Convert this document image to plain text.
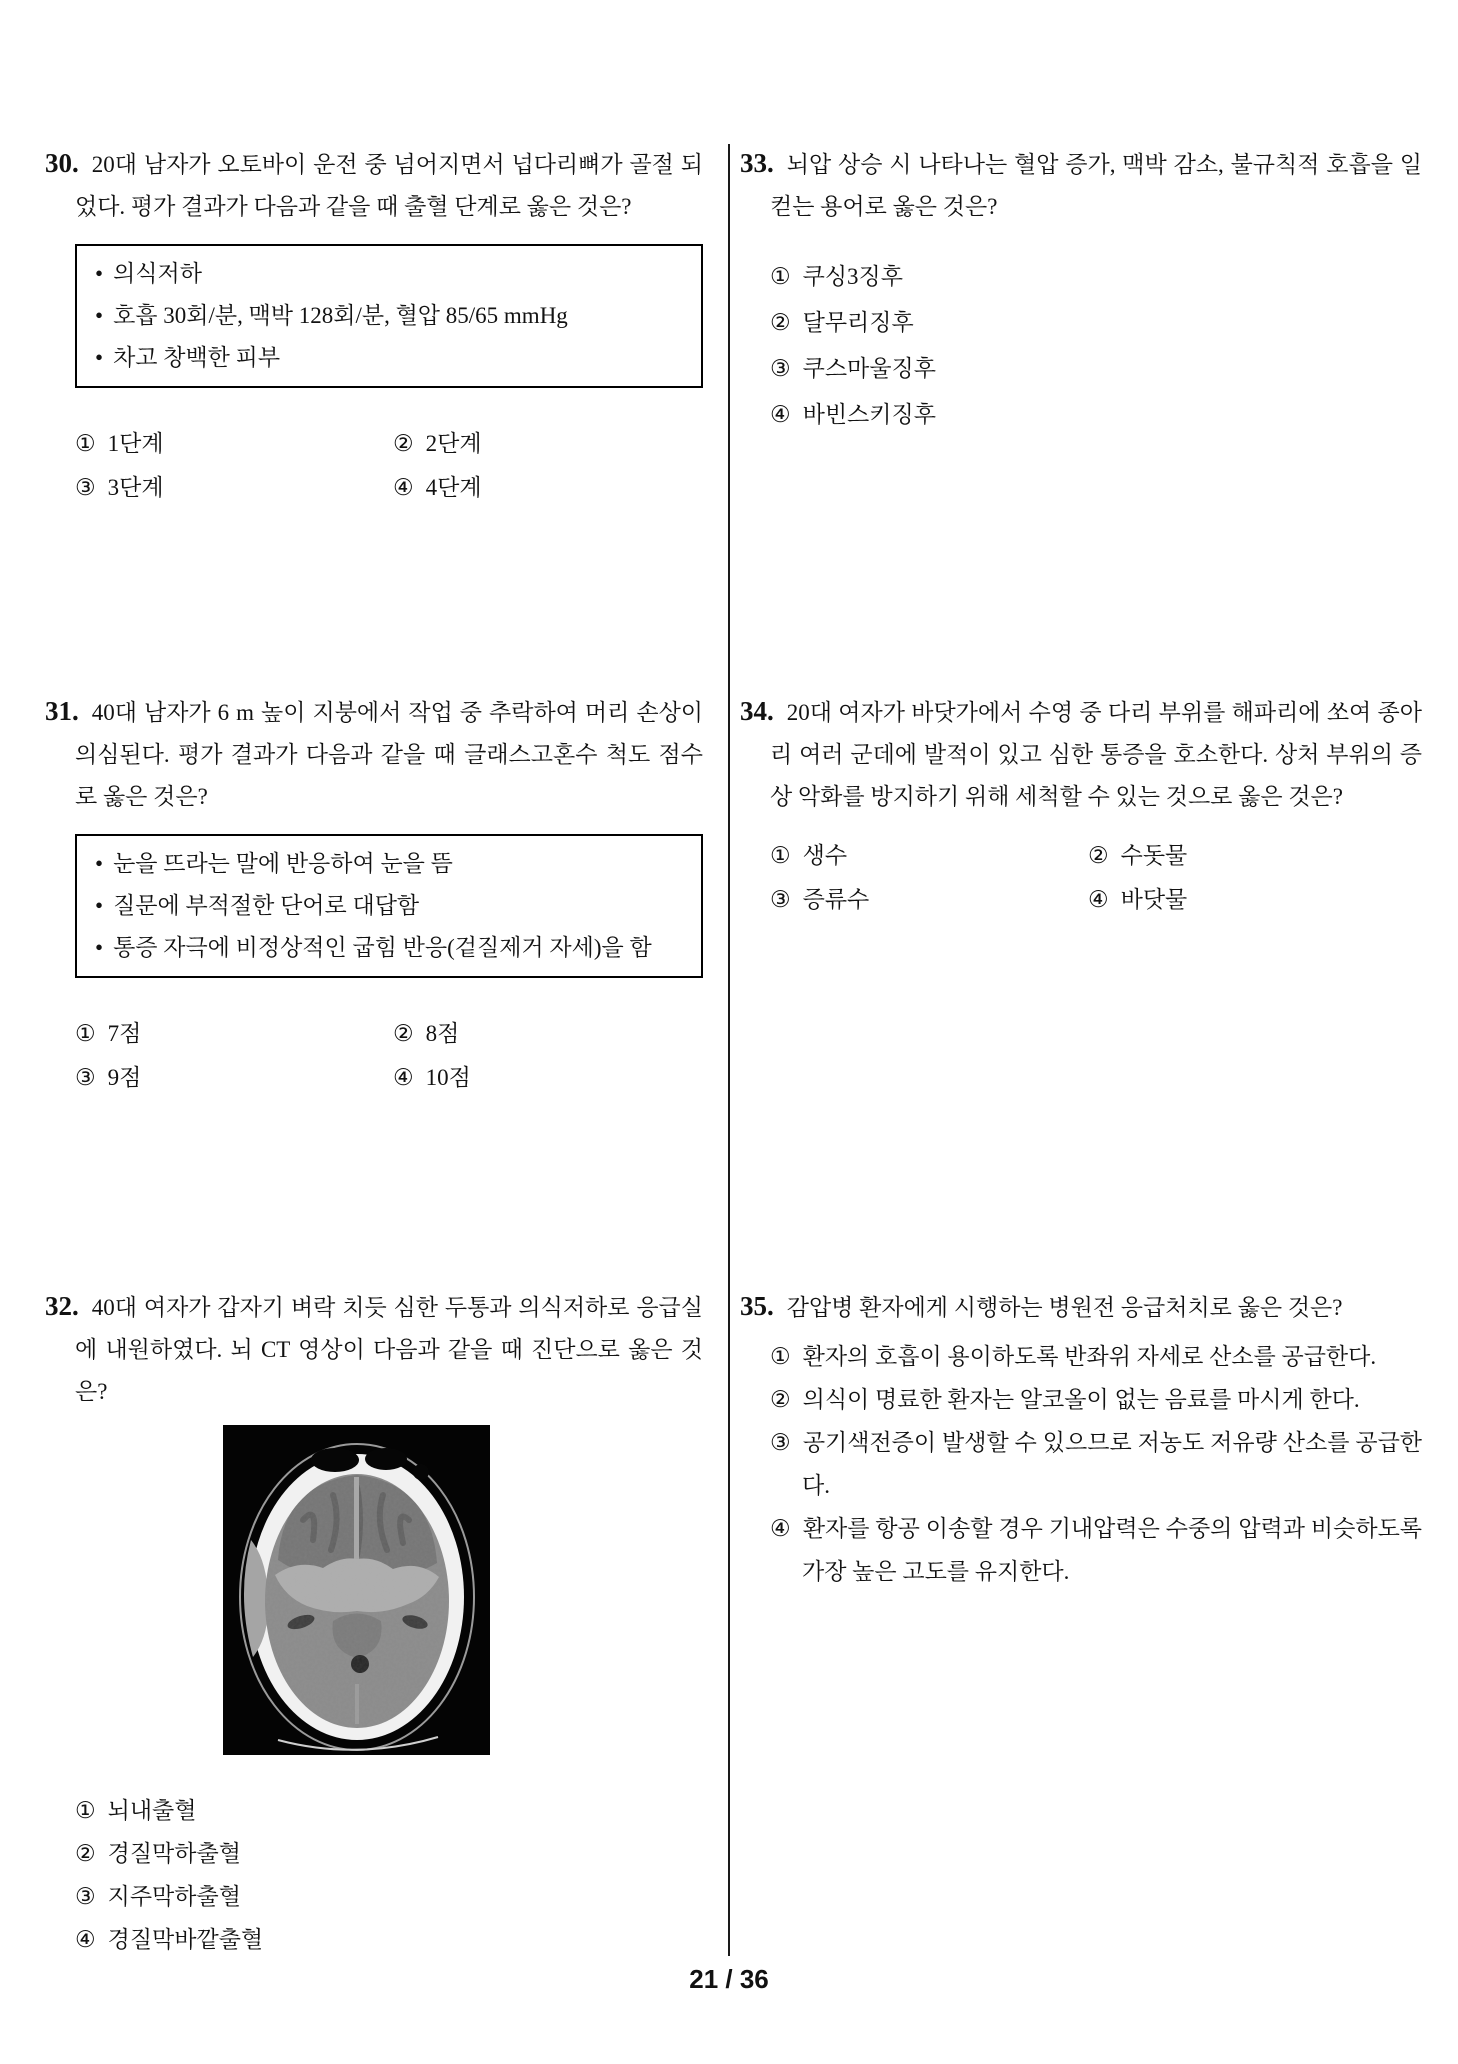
30. 20대 남자가 오토바이 운전 중 넘어지면서 넙다리뼈가 골절 되었다. 평가 결과가 다음과 같을 때 출혈 단계로 옳은 것은?

• 의식저하
• 호흡 30회/분, 맥박 128회/분, 혈압 85/65 mmHg
• 차고 창백한 피부
① 1단계	② 2단계
③ 3단계	④ 4단계

31. 40대 남자가 6 m 높이 지붕에서 작업 중 추락하여 머리 손상이 의심된다. 평가 결과가 다음과 같을 때 글래스고혼수 척도 점수로 옳은 것은?

• 눈을 뜨라는 말에 반응하여 눈을 뜸
• 질문에 부적절한 단어로 대답함
• 통증 자극에 비정상적인 굽힘 반응(겉질제거 자세)을 함
① 7점	② 8점
③ 9점	④ 10점

32. 40대 여자가 갑자기 벼락 치듯 심한 두통과 의식저하로 응급실에 내원하였다. 뇌 CT 영상이 다음과 같을 때 진단으로 옳은 것은?

① 뇌내출혈
② 경질막하출혈
③ 지주막하출혈
④ 경질막바깥출혈

33. 뇌압 상승 시 나타나는 혈압 증가, 맥박 감소, 불규칙적 호흡을 일컫는 용어로 옳은 것은?

① 쿠싱3징후
② 달무리징후
③ 쿠스마울징후
④ 바빈스키징후

34. 20대 여자가 바닷가에서 수영 중 다리 부위를 해파리에 쏘여 종아리 여러 군데에 발적이 있고 심한 통증을 호소한다. 상처 부위의 증상 악화를 방지하기 위해 세척할 수 있는 것으로 옳은 것은?

① 생수	② 수돗물
③ 증류수	④ 바닷물

35. 감압병 환자에게 시행하는 병원전 응급처치로 옳은 것은?

① 환자의 호흡이 용이하도록 반좌위 자세로 산소를 공급한다.
② 의식이 명료한 환자는 알코올이 없는 음료를 마시게 한다.
③ 공기색전증이 발생할 수 있으므로 저농도 저유량 산소를 공급한다.
④ 환자를 항공 이송할 경우 기내압력은 수중의 압력과 비슷하도록 가장 높은 고도를 유지한다.
21 / 36
